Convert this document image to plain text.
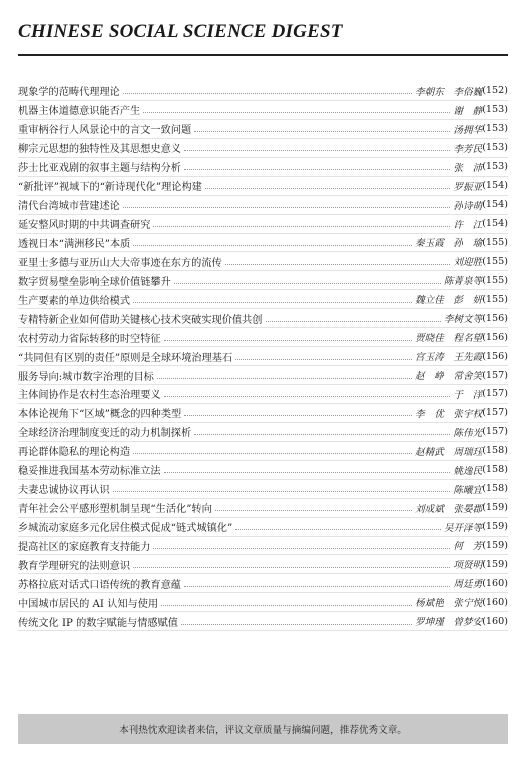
CHINESE SOCIAL SCIENCE DIGEST
现象学的范畴代理理论	李朝东　李俗巍 (152)
机器主体道德意识能否产生	谢　静 (153)
重审柄谷行人风景论中的言文一致问题	汤拥华 (153)
柳宗元思想的独特性及其思想史意义	李芳民 (153)
莎士比亚戏剧的叙事主题与结构分析	张　沛 (153)
“新批评”视域下的“新诗现代化”理论构建	罗振亚 (154)
清代台湾城市营建述论	孙诗萌 (154)
延安整风时期的中共调查研究	许　江 (154)
透视日本“满洲移民”本质	秦玉霞　孙　瑜 (155)
亚里士多德与亚历山大大帝事迹在东方的流传	刘迎胜 (155)
数字贸易壁垒影响全球价值链攀升	陈菁泉等 (155)
生产要素的单边供给模式	魏立佳　彭　妍 (155)
专精特新企业如何借助关键核心技术突破实现价值共创	李树文等 (156)
农村劳动力省际转移的时空特征	贾晓佳　程名望 (156)
“共同但有区别的责任”原则是全球环境治理基石	宫玉涛　王先霞 (156)
服务导向:城市数字治理的目标	赵　峥　常舍笑 (157)
主体间协作是农村生态治理要义	于　洋 (157)
本体论视角下“区域”概念的四种类型	李　优　张宇权 (157)
全球经济治理制度变迁的动力机制探析	陈伟光 (157)
再论群体隐私的理论构造	赵精武　周瑞珏 (158)
稳妥推进我国基本劳动标准立法	姚逸民 (158)
夫妻忠诚协议再认识	陈曦宜 (158)
青年社会公平感形塑机制呈现“生活化”转向	刘成斌　张晏郡 (159)
乡城流动家庭多元化居住模式促成“链式城镇化”	吴开泽等 (159)
提高社区的家庭教育支持能力	何　芳 (159)
教育学理研究的法则意识	项贤明 (159)
苏格拉底对话式口语传统的教育意蕴	周廷勇 (160)
中国城市居民的 AI 认知与使用	杨斌艳　张宁悦 (160)
传统文化 IP 的数字赋能与情感赋值	罗坤瑾　曾梦安 (160)
本刊热忱欢迎读者来信，评议文章质量与摘编问题，推荐优秀文章。
